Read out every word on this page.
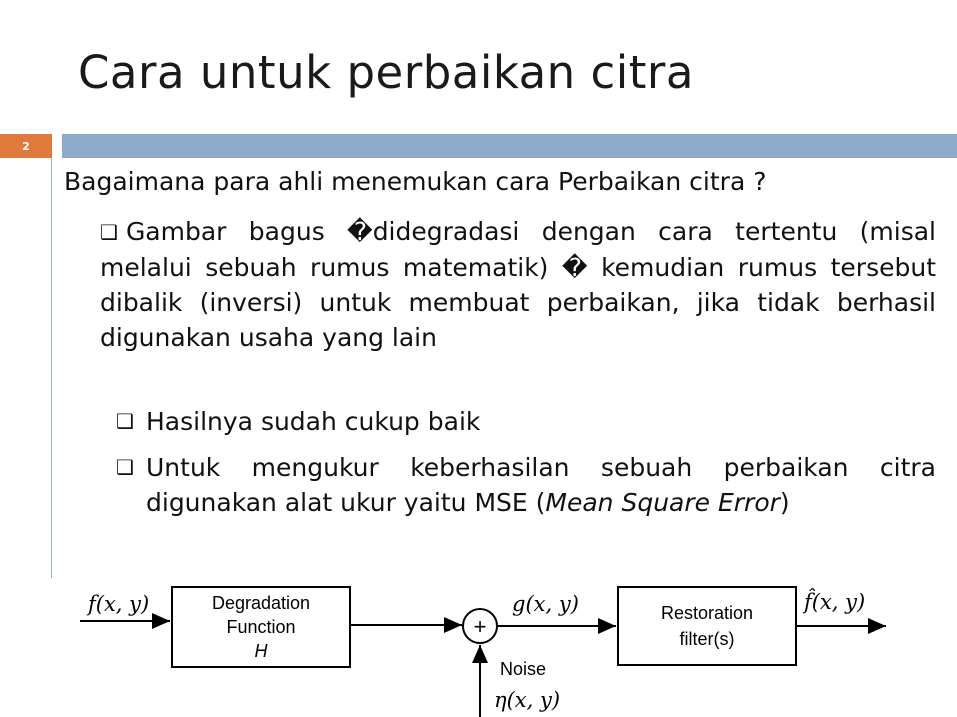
Cara untuk perbaikan citra
2
Bagaimana para ahli menemukan cara Perbaikan citra ?
❑ Gambar bagus �didegradasi dengan cara tertentu (misal melalui sebuah rumus matematik) � kemudian rumus tersebut dibalik (inversi) untuk membuat perbaikan, jika tidak berhasil digunakan usaha yang lain
❑ Hasilnya sudah cukup baik
❑ Untuk mengukur keberhasilan sebuah perbaikan citra digunakan alat ukur yaitu MSE (Mean Square Error)
f(x, y)	Degradation
Function
H
+
g(x, y)	Restoration
filter(s)
f̂(x, y)
Noise
η(x, y)
